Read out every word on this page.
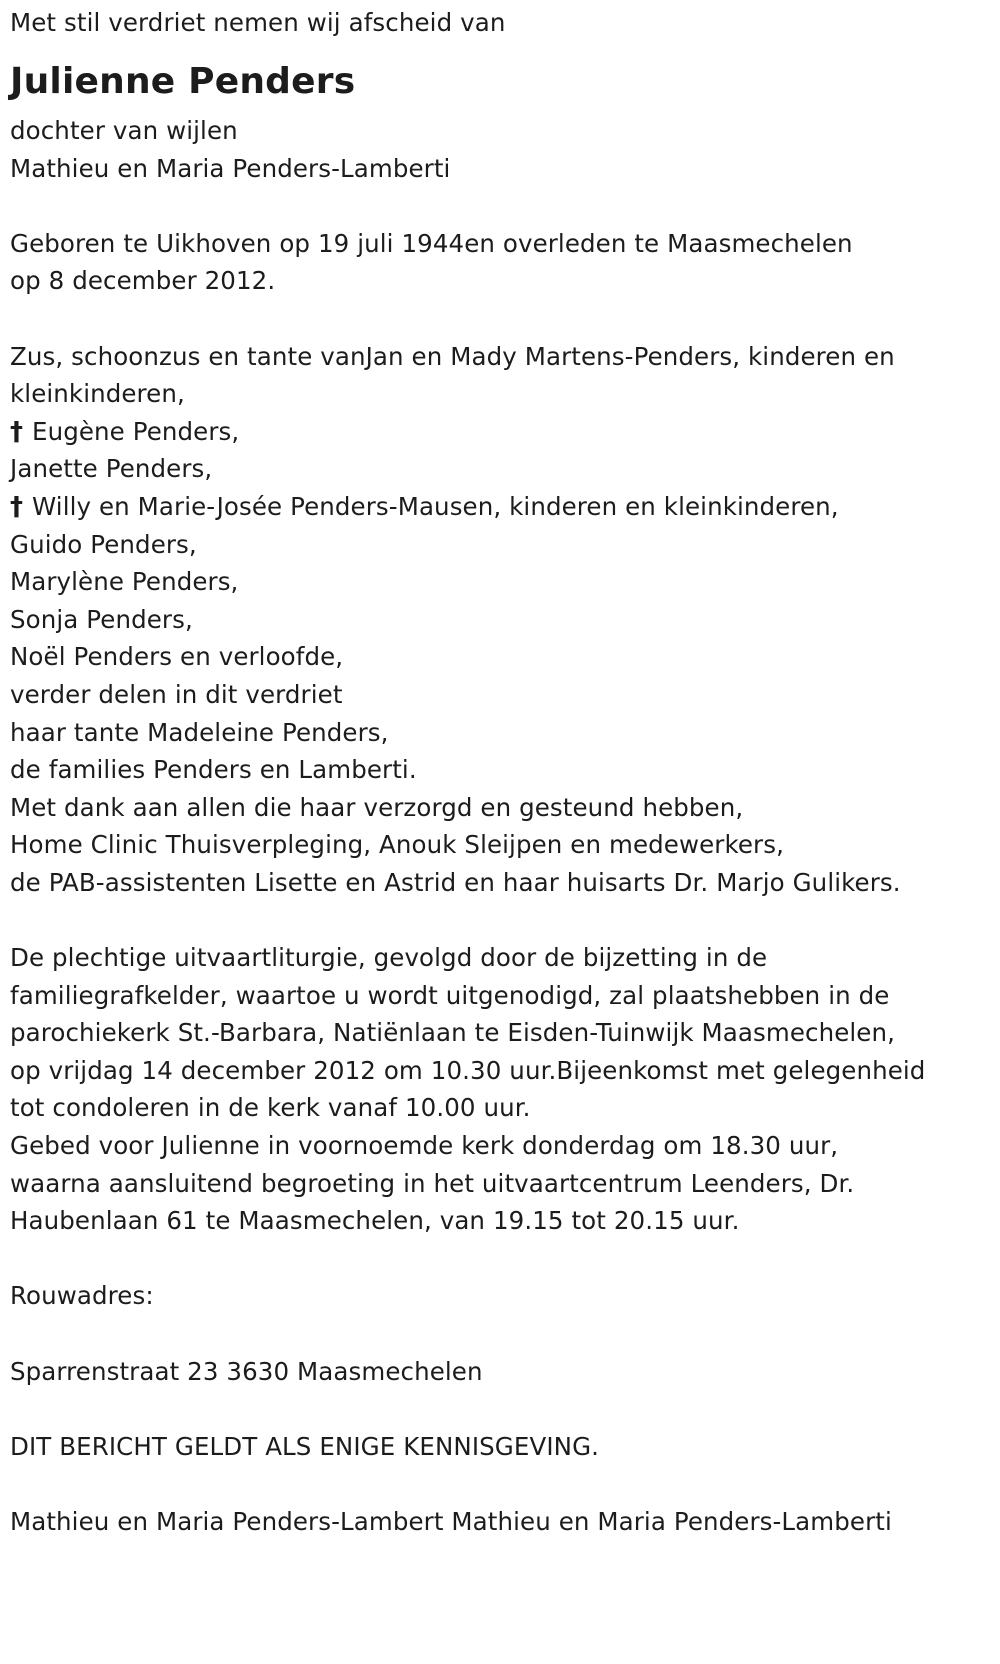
Met stil verdriet nemen wij afscheid van
Julienne Penders
dochter van wijlen
Mathieu en Maria Penders-Lamberti
Geboren te Uikhoven op 19 juli 1944en overleden te Maasmechelen
op 8 december 2012.
Zus, schoonzus en tante vanJan en Mady Martens-Penders, kinderen en
kleinkinderen,
† Eugène Penders,
Janette Penders,
† Willy en Marie-Josée Penders-Mausen, kinderen en kleinkinderen,
Guido Penders,
Marylène Penders,
Sonja Penders,
Noël Penders en verloofde,
verder delen in dit verdriet
haar tante Madeleine Penders,
de families Penders en Lamberti.
Met dank aan allen die haar verzorgd en gesteund hebben,
Home Clinic Thuisverpleging, Anouk Sleijpen en medewerkers,
de PAB-assistenten Lisette en Astrid en haar huisarts Dr. Marjo Gulikers.
De plechtige uitvaartliturgie, gevolgd door de bijzetting in de
familiegrafkelder, waartoe u wordt uitgenodigd, zal plaatshebben in de
parochiekerk St.-Barbara, Natiënlaan te Eisden-Tuinwijk Maasmechelen,
op vrijdag 14 december 2012 om 10.30 uur.Bijeenkomst met gelegenheid
tot condoleren in de kerk vanaf 10.00 uur.
Gebed voor Julienne in voornoemde kerk donderdag om 18.30 uur,
waarna aansluitend begroeting in het uitvaartcentrum Leenders, Dr.
Haubenlaan 61 te Maasmechelen, van 19.15 tot 20.15 uur.
Rouwadres:
Sparrenstraat 23 3630 Maasmechelen
DIT BERICHT GELDT ALS ENIGE KENNISGEVING.
Mathieu en Maria Penders-Lambert Mathieu en Maria Penders-Lamberti
